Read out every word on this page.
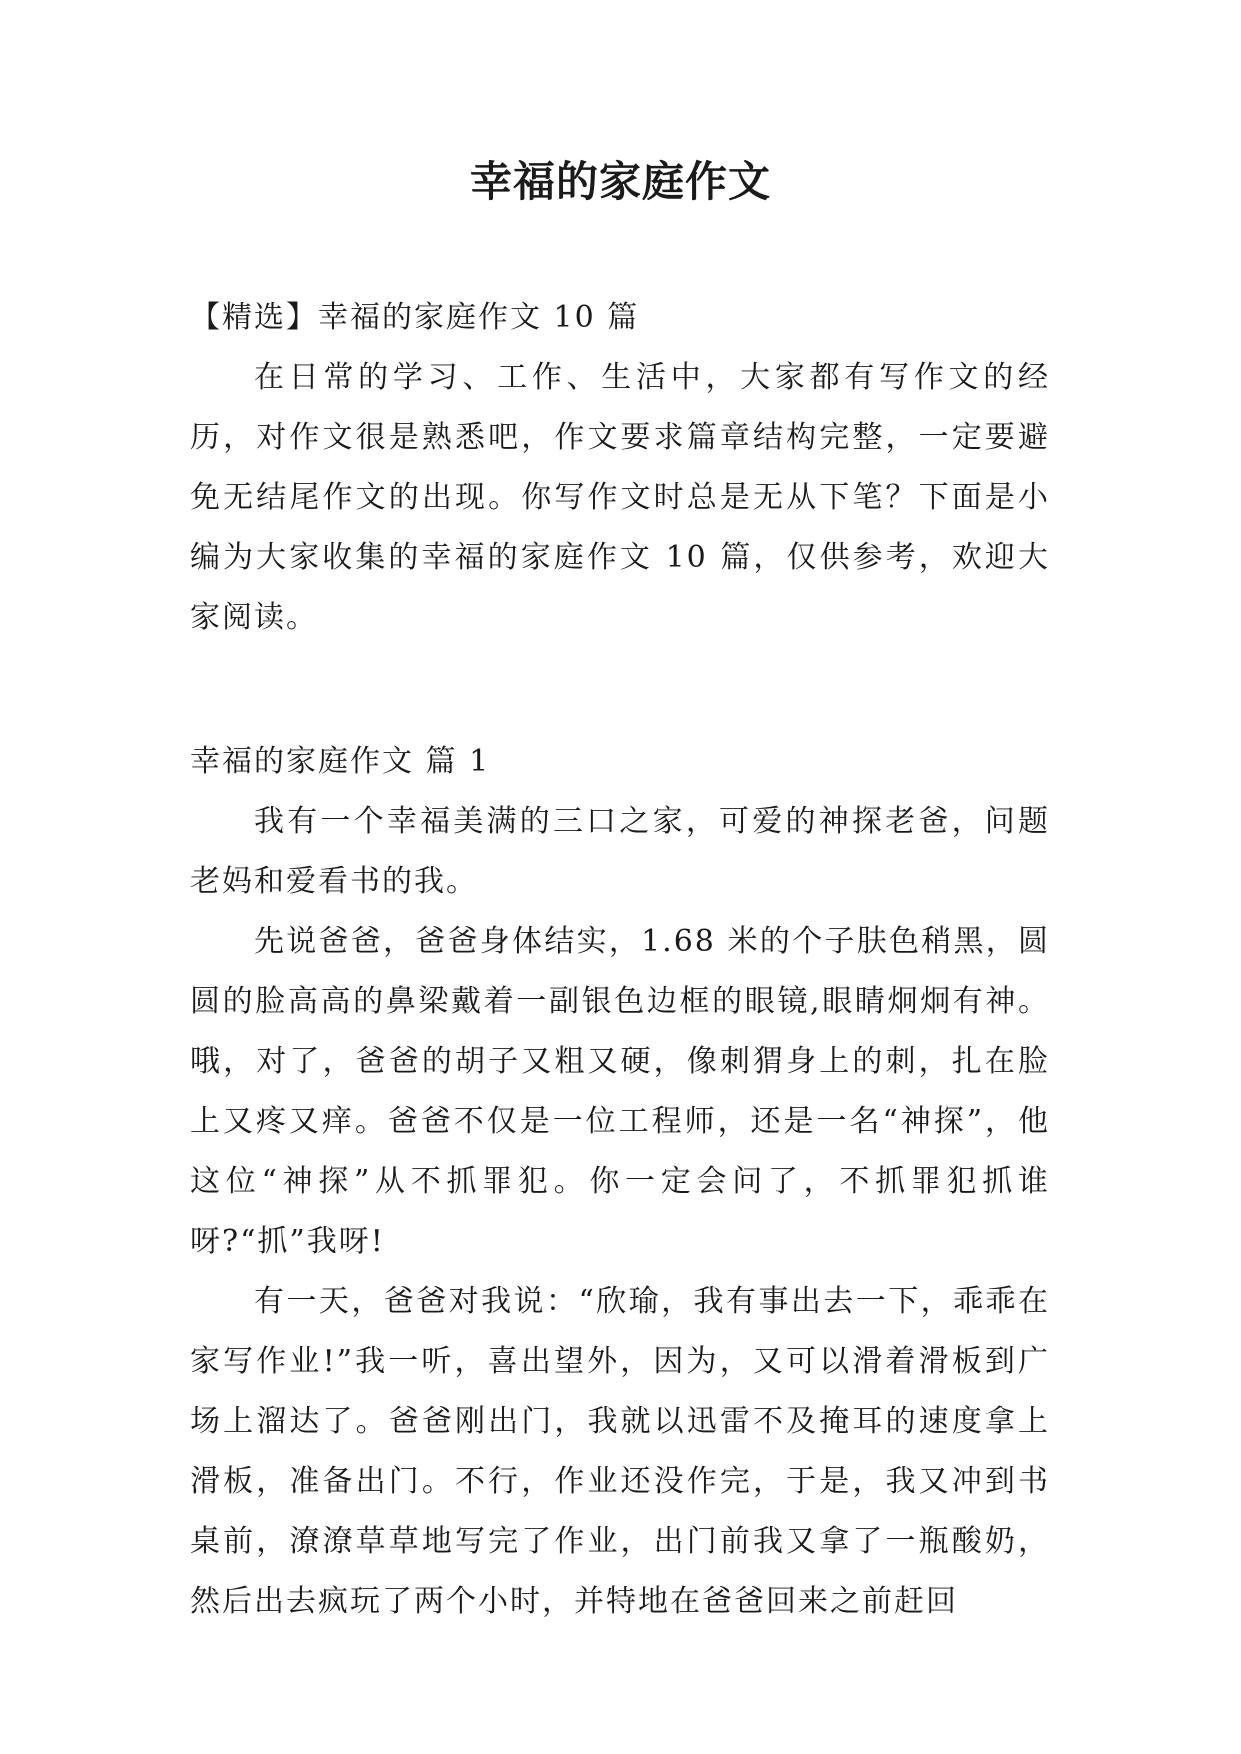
幸福的家庭作文

【精选】幸福的家庭作文 10 篇

在日常的学习、工作、生活中，大家都有写作文的经历，对作文很是熟悉吧，作文要求篇章结构完整，一定要避免无结尾作文的出现。你写作文时总是无从下笔？下面是小编为大家收集的幸福的家庭作文 10 篇，仅供参考，欢迎大家阅读。

幸福的家庭作文 篇 1

我有一个幸福美满的三口之家，可爱的神探老爸，问题老妈和爱看书的我。

先说爸爸，爸爸身体结实，1.68 米的个子肤色稍黑，圆圆的脸高高的鼻梁戴着一副银色边框的眼镜,眼睛炯炯有神。哦，对了，爸爸的胡子又粗又硬，像刺猬身上的刺，扎在脸上又疼又痒。爸爸不仅是一位工程师，还是一名“神探”，他这位“神探”从不抓罪犯。你一定会问了，不抓罪犯抓谁呀?“抓”我呀!

有一天，爸爸对我说：“欣瑜，我有事出去一下，乖乖在家写作业!”我一听，喜出望外，因为，又可以滑着滑板到广场上溜达了。爸爸刚出门，我就以迅雷不及掩耳的速度拿上滑板，准备出门。不行，作业还没作完，于是，我又冲到书桌前，潦潦草草地写完了作业，出门前我又拿了一瓶酸奶，然后出去疯玩了两个小时，并特地在爸爸回来之前赶回
